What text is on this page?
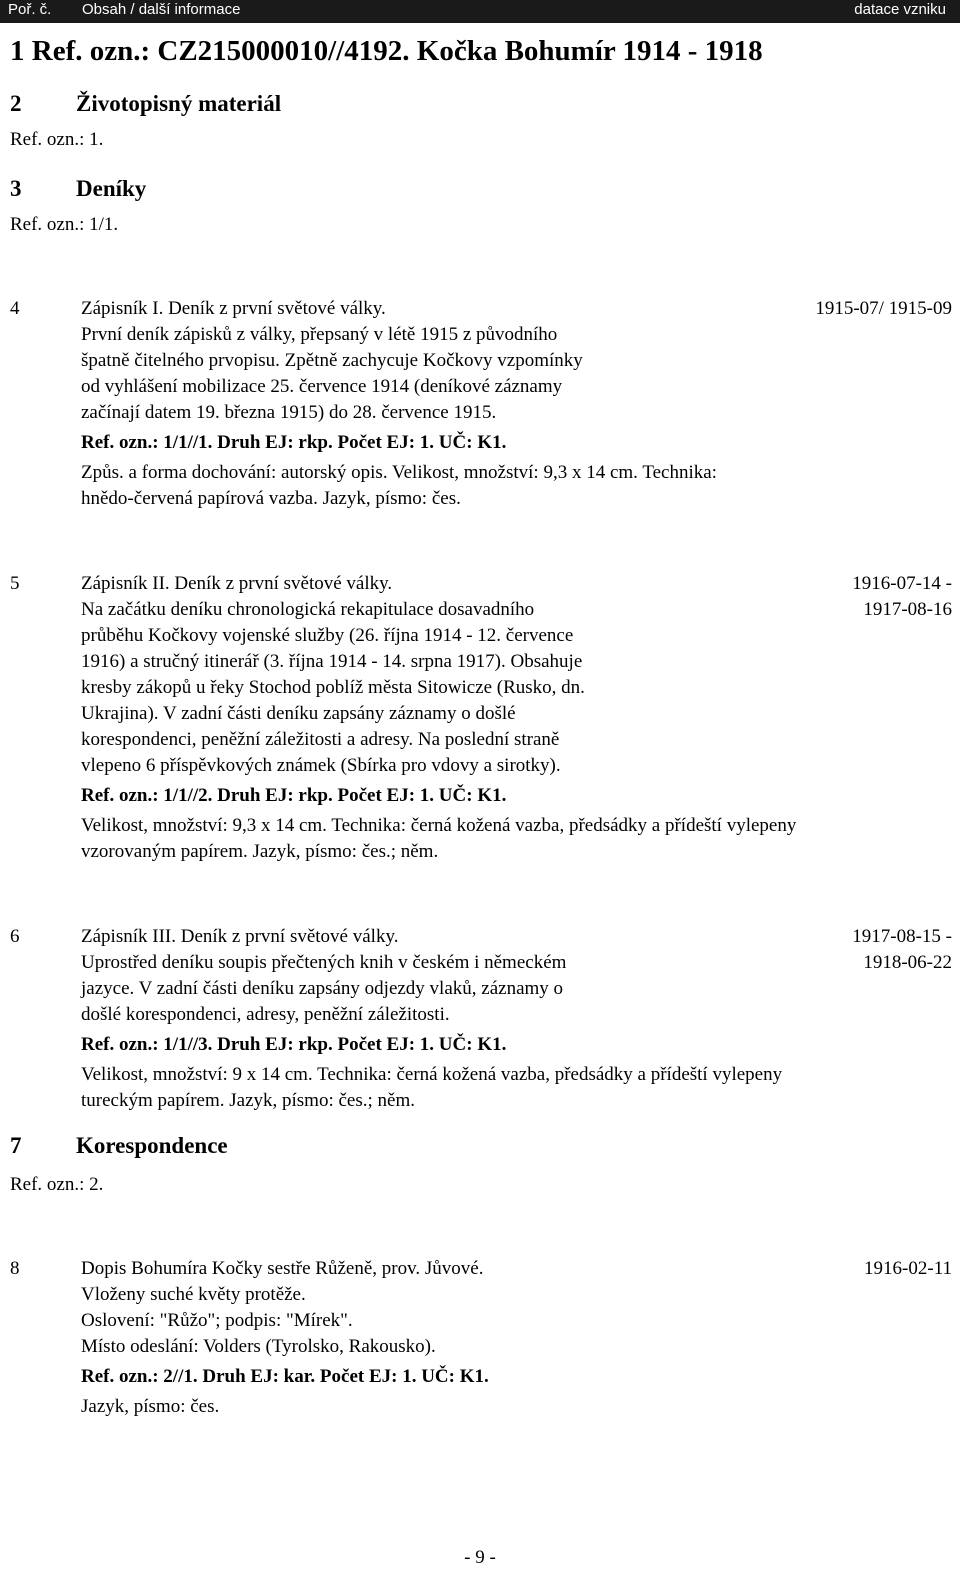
Poř. č. Obsah / další informace	datace vzniku
1 Ref. ozn.: CZ215000010//4192. Kočka Bohumír 1914 - 1918
2 Životopisný materiál
Ref. ozn.: 1.
3 Deníky
Ref. ozn.: 1/1.
4	1915-07/ 1915-09
Zápisník I. Deník z první světové války.
První deník zápisků z války, přepsaný v létě 1915 z původního
špatně čitelného prvopisu. Zpětně zachycuje Kočkovy vzpomínky
od vyhlášení mobilizace 25. července 1914 (deníkové záznamy
začínají datem 19. března 1915) do 28. července 1915.
Ref. ozn.: 1/1//1. Druh EJ: rkp. Počet EJ: 1. UČ: K1.
Způs. a forma dochování: autorský opis. Velikost, množství: 9,3 x 14 cm. Technika:
hnědo-červená papírová vazba. Jazyk, písmo: čes.
5	1916-07-14 -
1917-08-16
Zápisník II. Deník z první světové války.
Na začátku deníku chronologická rekapitulace dosavadního
průběhu Kočkovy vojenské služby (26. října 1914 - 12. července
1916) a stručný itinerář (3. října 1914 - 14. srpna 1917). Obsahuje
kresby zákopů u řeky Stochod poblíž města Sitowicze (Rusko, dn.
Ukrajina). V zadní části deníku zapsány záznamy o došlé
korespondenci, peněžní záležitosti a adresy. Na poslední straně
vlepeno 6 příspěvkových známek (Sbírka pro vdovy a sirotky).
Ref. ozn.: 1/1//2. Druh EJ: rkp. Počet EJ: 1. UČ: K1.
Velikost, množství: 9,3 x 14 cm. Technika: černá kožená vazba, předsádky a přídeští vylepeny
vzorovaným papírem. Jazyk, písmo: čes.; něm.
6	1917-08-15 -
1918-06-22
Zápisník III. Deník z první světové války.
Uprostřed deníku soupis přečtených knih v českém i německém
jazyce. V zadní části deníku zapsány odjezdy vlaků, záznamy o
došlé korespondenci, adresy, peněžní záležitosti.
Ref. ozn.: 1/1//3. Druh EJ: rkp. Počet EJ: 1. UČ: K1.
Velikost, množství: 9 x 14 cm. Technika: černá kožená vazba, předsádky a přídeští vylepeny
tureckým papírem. Jazyk, písmo: čes.; něm.
7 Korespondence
Ref. ozn.: 2.
8	1916-02-11
Dopis Bohumíra Kočky sestře Růženě, prov. Jůvové.
Vloženy suché květy protěže.
Oslovení: "Růžo"; podpis: "Mírek".
Místo odeslání: Volders (Tyrolsko, Rakousko).
Ref. ozn.: 2//1. Druh EJ: kar. Počet EJ: 1. UČ: K1.
Jazyk, písmo: čes.
- 9 -
